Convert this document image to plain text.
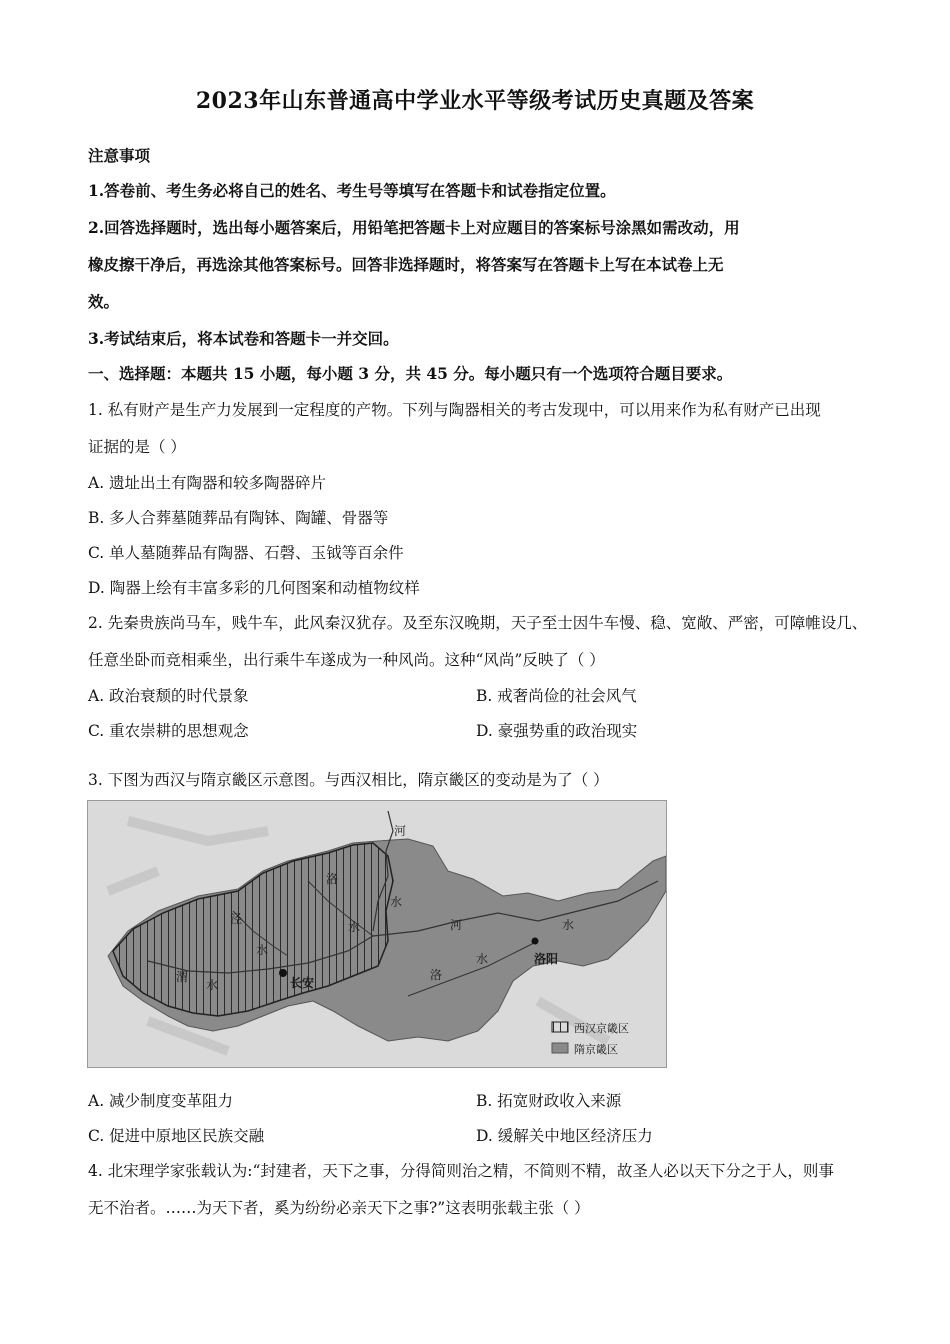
2023年山东普通高中学业水平等级考试历史真题及答案
注意事项
1.答卷前、考生务必将自己的姓名、考生号等填写在答题卡和试卷指定位置。
2.回答选择题时，选出每小题答案后，用铅笔把答题卡上对应题目的答案标号涂黑如需改动，用
橡皮擦干净后，再选涂其他答案标号。回答非选择题时，将答案写在答题卡上写在本试卷上无
效。
3.考试结束后，将本试卷和答题卡一并交回。
一、选择题：本题共 15 小题，每小题 3 分，共 45 分。每小题只有一个选项符合题目要求。
1. 私有财产是生产力发展到一定程度的产物。下列与陶器相关的考古发现中，可以用来作为私有财产已出现
证据的是（ ）
A. 遗址出土有陶器和较多陶器碎片
B. 多人合葬墓随葬品有陶钵、陶罐、骨器等
C. 单人墓随葬品有陶器、石磬、玉钺等百余件
D. 陶器上绘有丰富多彩的几何图案和动植物纹样
2. 先秦贵族尚马车，贱牛车，此风秦汉犹存。及至东汉晚期，天子至士因牛车慢、稳、宽敞、严密，可障帷设几、
任意坐卧而竞相乘坐，出行乘牛车遂成为一种风尚。这种“风尚”反映了（ ）
A. 政治衰颓的时代景象	B. 戒奢尚俭的社会风气
C. 重农崇耕的思想观念	D. 豪强势重的政治现实
3. 下图为西汉与隋京畿区示意图。与西汉相比，隋京畿区的变动是为了（ ）
河
洛
水
泾
水
水
渭
水	长安
河	水
洛
水	洛阳
西汉京畿区
隋京畿区
A. 减少制度变革阻力	B. 拓宽财政收入来源
C. 促进中原地区民族交融	D. 缓解关中地区经济压力
4. 北宋理学家张载认为:“封建者，天下之事，分得简则治之精，不简则不精，故圣人必以天下分之于人，则事
无不治者。……为天下者，奚为纷纷必亲天下之事?”这表明张载主张（ ）
